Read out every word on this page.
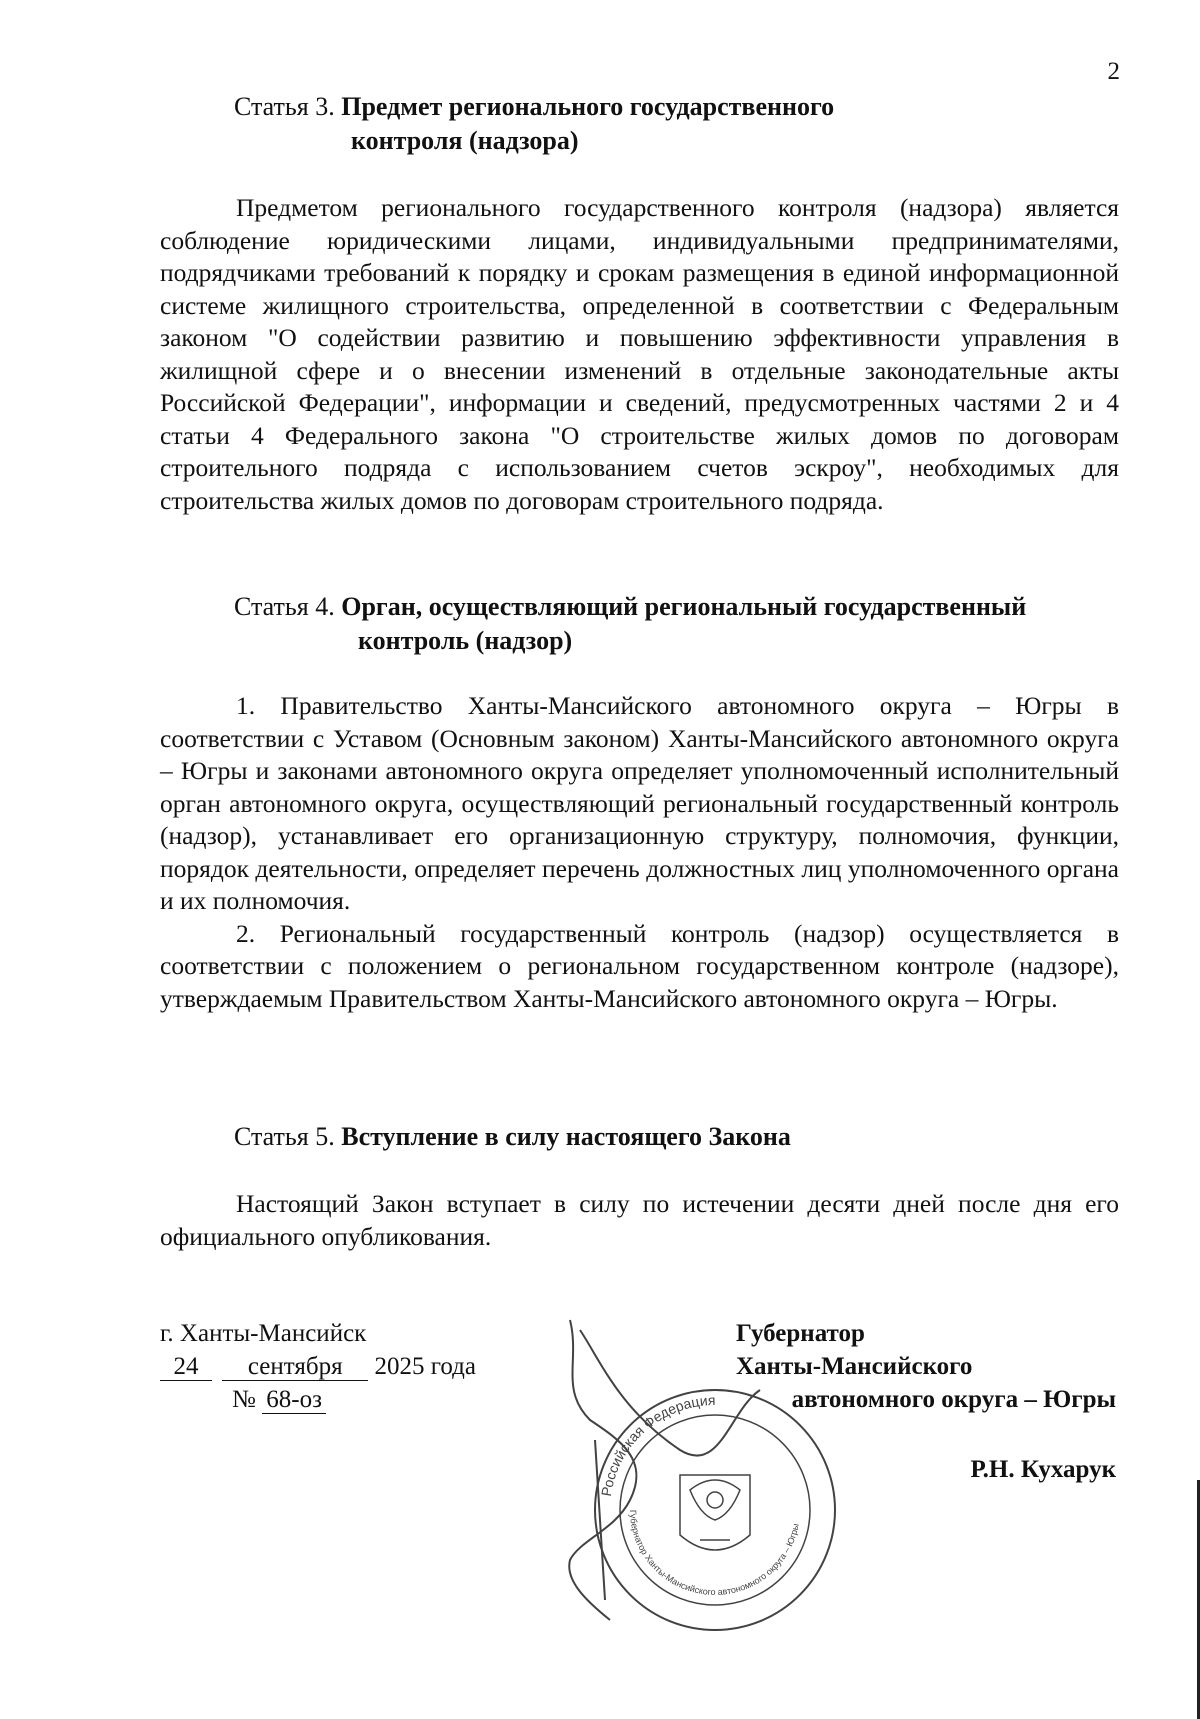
2
Статья 3. Предмет регионального государственного
контроля (надзора)

Предметом регионального государственного контроля (надзора) является соблюдение юридическими лицами, индивидуальными предпринимателями, подрядчиками требований к порядку и срокам размещения в единой информационной системе жилищного строительства, определенной в соответствии с Федеральным законом "О содействии развитию и повышению эффективности управления в жилищной сфере и о внесении изменений в отдельные законодательные акты Российской Федерации", информации и сведений, предусмотренных частями 2 и 4 статьи 4 Федерального закона "О строительстве жилых домов по договорам строительного подряда с использованием счетов эскроу", необходимых для строительства жилых домов по договорам строительного подряда.

Статья 4. Орган, осуществляющий региональный государственный
контроль (надзор)

1. Правительство Ханты-Мансийского автономного округа – Югры в соответствии с Уставом (Основным законом) Ханты-Мансийского автономного округа – Югры и законами автономного округа определяет уполномоченный исполнительный орган автономного округа, осуществляющий региональный государственный контроль (надзор), устанавливает его организационную структуру, полномочия, функции, порядок деятельности, определяет перечень должностных лиц уполномоченного органа и их полномочия.

2. Региональный государственный контроль (надзор) осуществляется в соответствии с положением о региональном государственном контроле (надзоре), утверждаемым Правительством Ханты-Мансийского автономного округа – Югры.

Статья 5. Вступление в силу настоящего Закона

Настоящий Закон вступает в силу по истечении десяти дней после дня его официального опубликования.

г. Ханты-Мансийск
24 сентября 2025 года
№ 68-оз
Губернатор
Ханты-Мансийского
автономного округа – Югры
Р.Н. Кухарук
Российская Федерация
Губернатор Ханты-Мансийского автономного округа – Югры
